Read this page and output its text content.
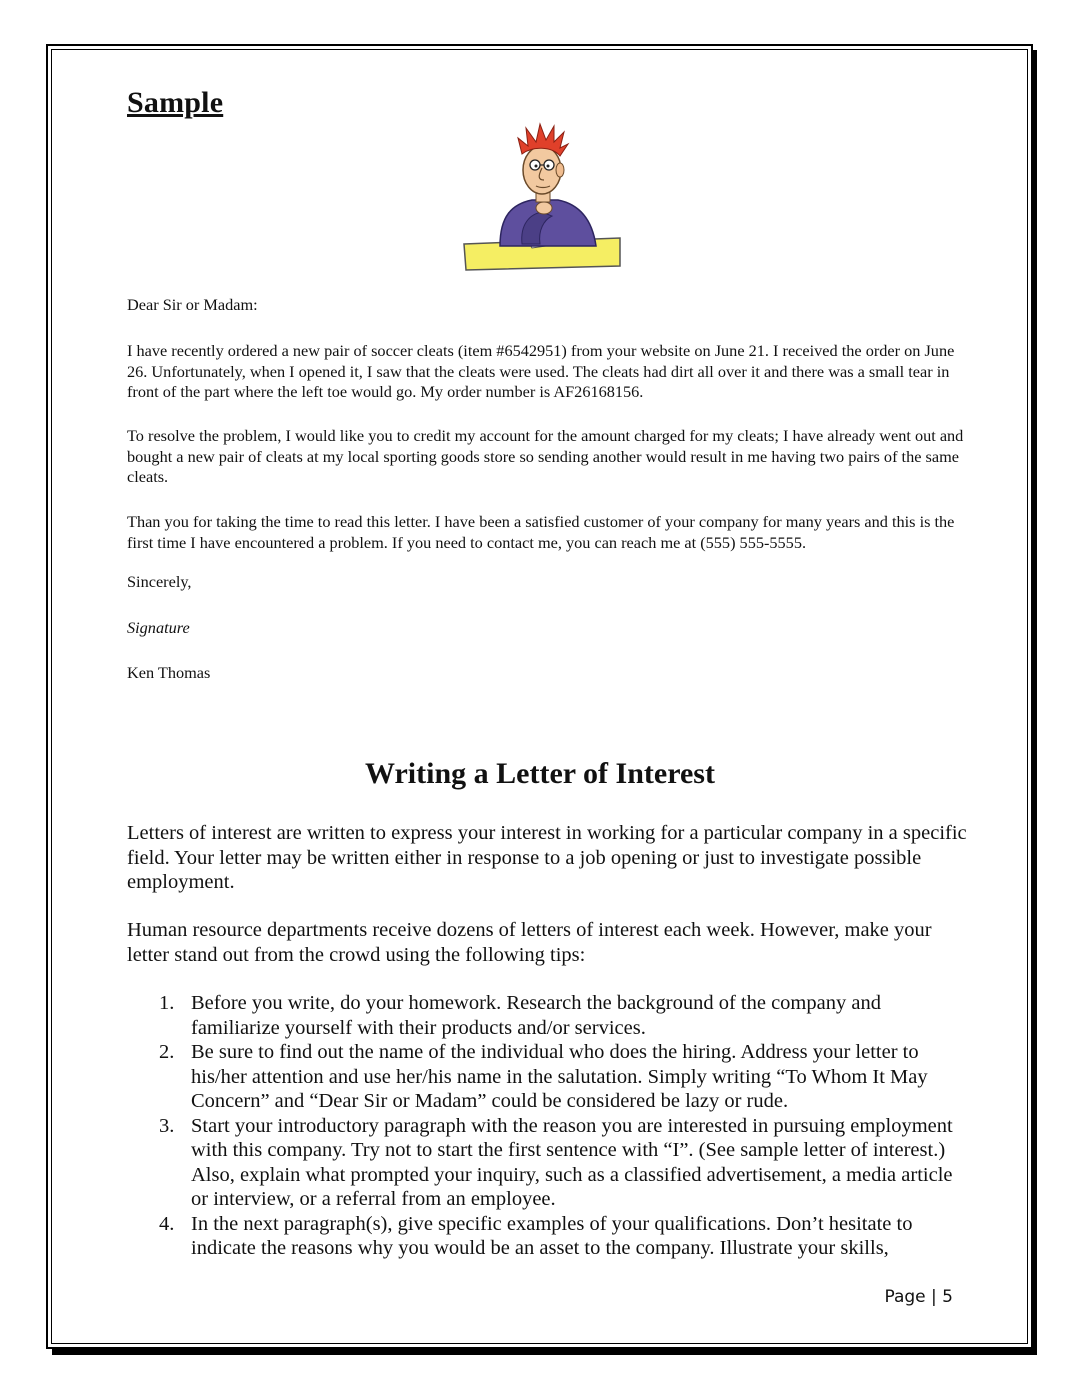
Sample

Dear Sir or Madam:

I have recently ordered a new pair of soccer cleats (item #6542951) from your website on June 21. I received the order on June 26. Unfortunately, when I opened it, I saw that the cleats were used. The cleats had dirt all over it and there was a small tear in front of the part where the left toe would go. My order number is AF26168156.

To resolve the problem, I would like you to credit my account for the amount charged for my cleats; I have already went out and bought a new pair of cleats at my local sporting goods store so sending another would result in me having two pairs of the same cleats.

Than you for taking the time to read this letter. I have been a satisfied customer of your company for many years and this is the first time I have encountered a problem. If you need to contact me, you can reach me at (555) 555-5555.

Sincerely,

Signature

Ken Thomas

Writing a Letter of Interest

Letters of interest are written to express your interest in working for a particular company in a specific field. Your letter may be written either in response to a job opening or just to investigate possible employment.

Human resource departments receive dozens of letters of interest each week. However, make your letter stand out from the crowd using the following tips:

1. Before you write, do your homework. Research the background of the company and familiarize yourself with their products and/or services.
2. Be sure to find out the name of the individual who does the hiring. Address your letter to his/her attention and use her/his name in the salutation. Simply writing “To Whom It May Concern” and “Dear Sir or Madam” could be considered be lazy or rude.
3. Start your introductory paragraph with the reason you are interested in pursuing employment with this company. Try not to start the first sentence with “I”. (See sample letter of interest.) Also, explain what prompted your inquiry, such as a classified advertisement, a media article or interview, or a referral from an employee.
4. In the next paragraph(s), give specific examples of your qualifications. Don’t hesitate to indicate the reasons why you would be an asset to the company. Illustrate your skills,
Page | 5
